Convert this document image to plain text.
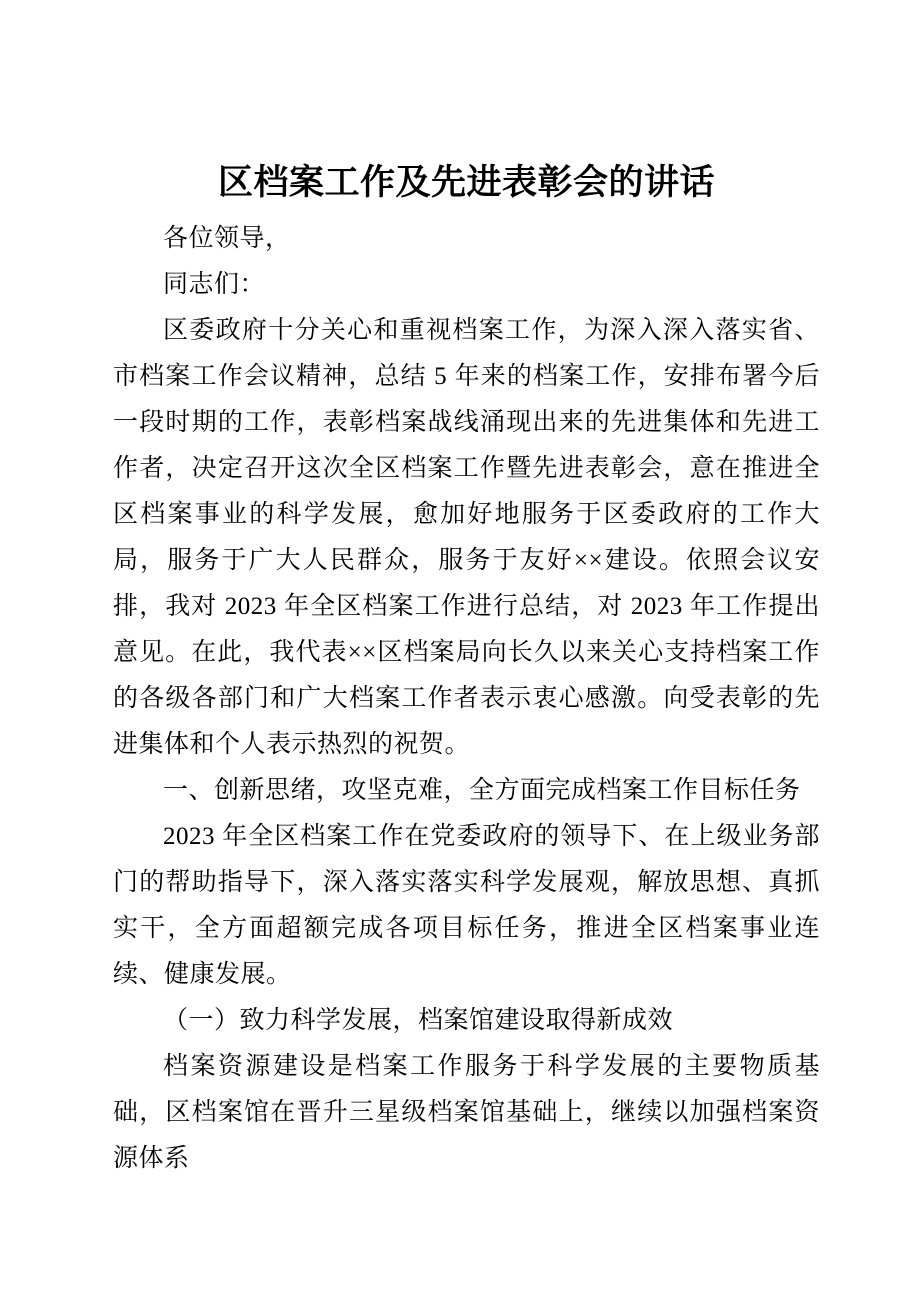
区档案工作及先进表彰会的讲话

各位领导，

同志们：

区委政府十分关心和重视档案工作，为深入深入落实省、市档案工作会议精神，总结 5 年来的档案工作，安排布署今后一段时期的工作，表彰档案战线涌现出来的先进集体和先进工作者，决定召开这次全区档案工作暨先进表彰会，意在推进全区档案事业的科学发展，愈加好地服务于区委政府的工作大局，服务于广大人民群众，服务于友好××建设。依照会议安排，我对 2023 年全区档案工作进行总结，对 2023 年工作提出意见。在此，我代表××区档案局向长久以来关心支持档案工作的各级各部门和广大档案工作者表示衷心感激。向受表彰的先进集体和个人表示热烈的祝贺。

一、创新思绪，攻坚克难，全方面完成档案工作目标任务

2023 年全区档案工作在党委政府的领导下、在上级业务部门的帮助指导下，深入落实落实科学发展观，解放思想、真抓实干，全方面超额完成各项目标任务，推进全区档案事业连续、健康发展。

（一）致力科学发展，档案馆建设取得新成效

档案资源建设是档案工作服务于科学发展的主要物质基础，区档案馆在晋升三星级档案馆基础上，继续以加强档案资源体系
